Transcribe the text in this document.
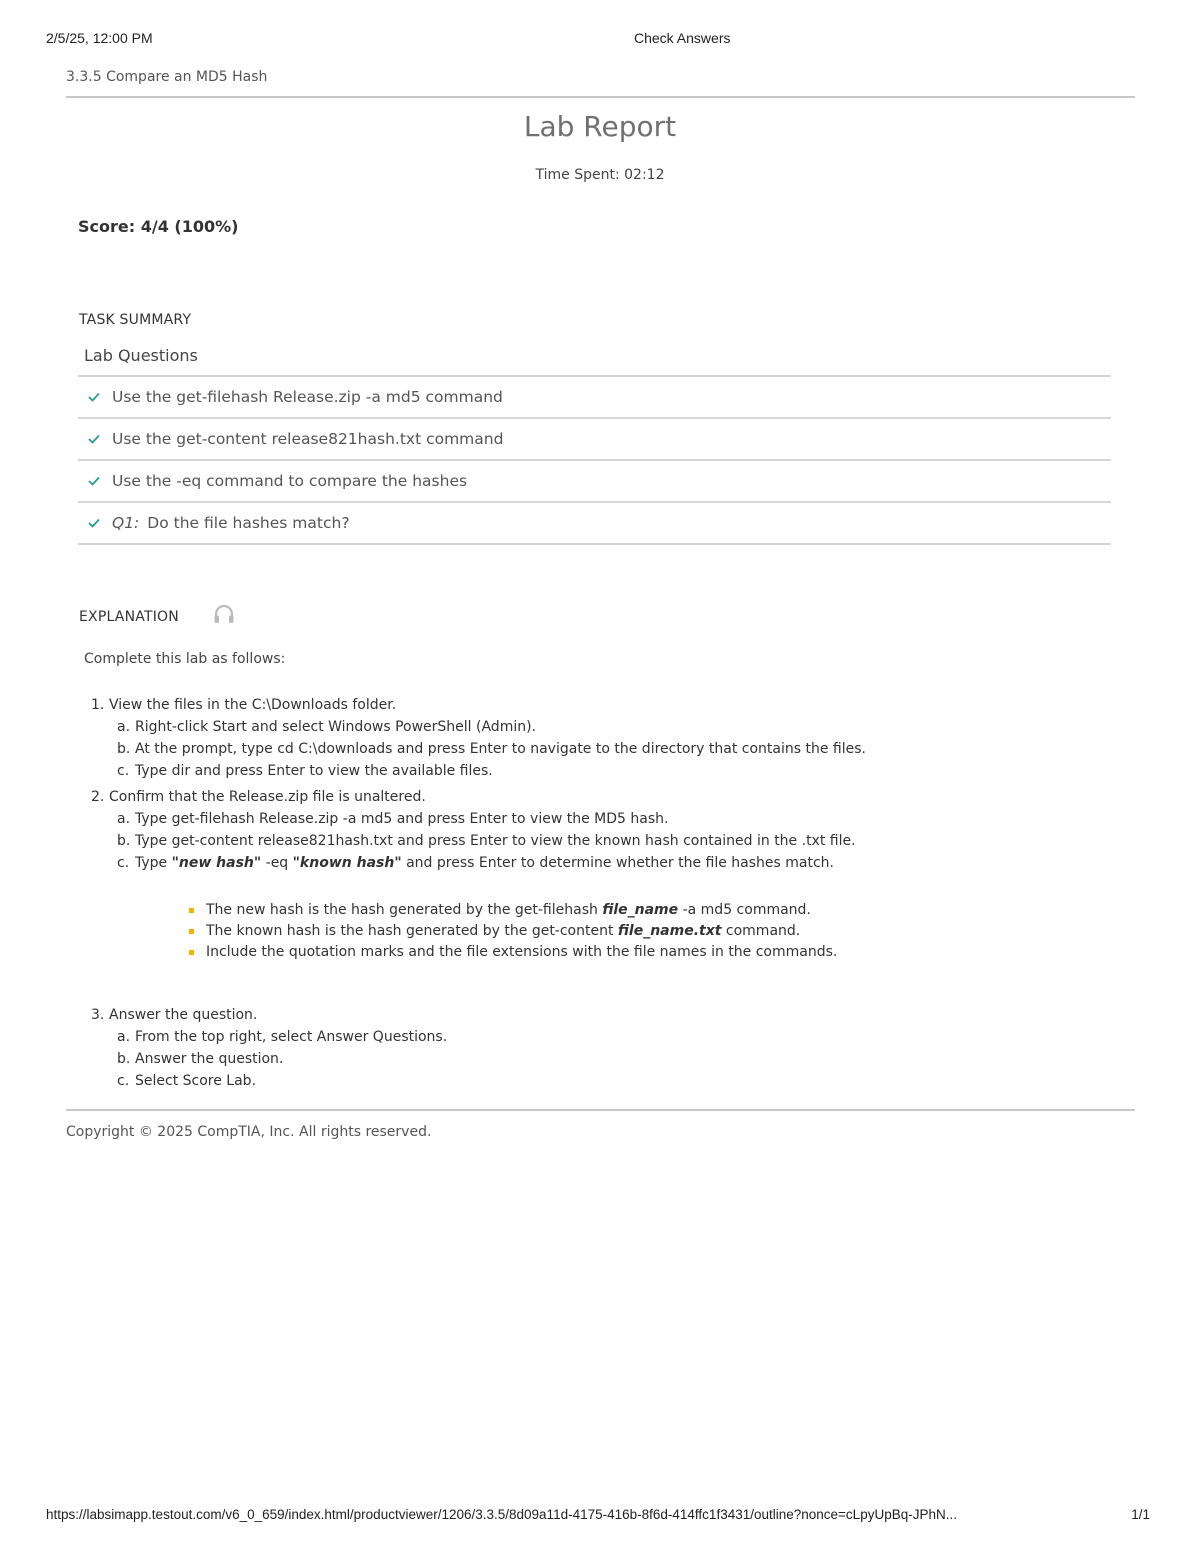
2/5/25, 12:00 PM	Check Answers
3.3.5 Compare an MD5 Hash
Lab Report
Time Spent: 02:12
Score: 4/4 (100%)
TASK SUMMARY
Lab Questions
Use the get-filehash Release.zip -a md5 command
Use the get-content release821hash.txt command
Use the -eq command to compare the hashes
Q1: Do the file hashes match?
EXPLANATION
Complete this lab as follows:
1. View the files in the C:\Downloads folder.
a. Right-click Start and select Windows PowerShell (Admin).
b. At the prompt, type cd C:\downloads and press Enter to navigate to the directory that contains the files.
c. Type dir and press Enter to view the available files.
2. Confirm that the Release.zip file is unaltered.
a. Type get-filehash Release.zip -a md5 and press Enter to view the MD5 hash.
b. Type get-content release821hash.txt and press Enter to view the known hash contained in the .txt file.
c. Type "new hash" -eq "known hash" and press Enter to determine whether the file hashes match.
The new hash is the hash generated by the get-filehash file_name -a md5 command.
The known hash is the hash generated by the get-content file_name.txt command.
Include the quotation marks and the file extensions with the file names in the commands.
3. Answer the question.
a. From the top right, select Answer Questions.
b. Answer the question.
c. Select Score Lab.
Copyright © 2025 CompTIA, Inc. All rights reserved.
https://labsimapp.testout.com/v6_0_659/index.html/productviewer/1206/3.3.5/8d09a11d-4175-416b-8f6d-414ffc1f3431/outline?nonce=cLpyUpBq-JPhN...	1/1
